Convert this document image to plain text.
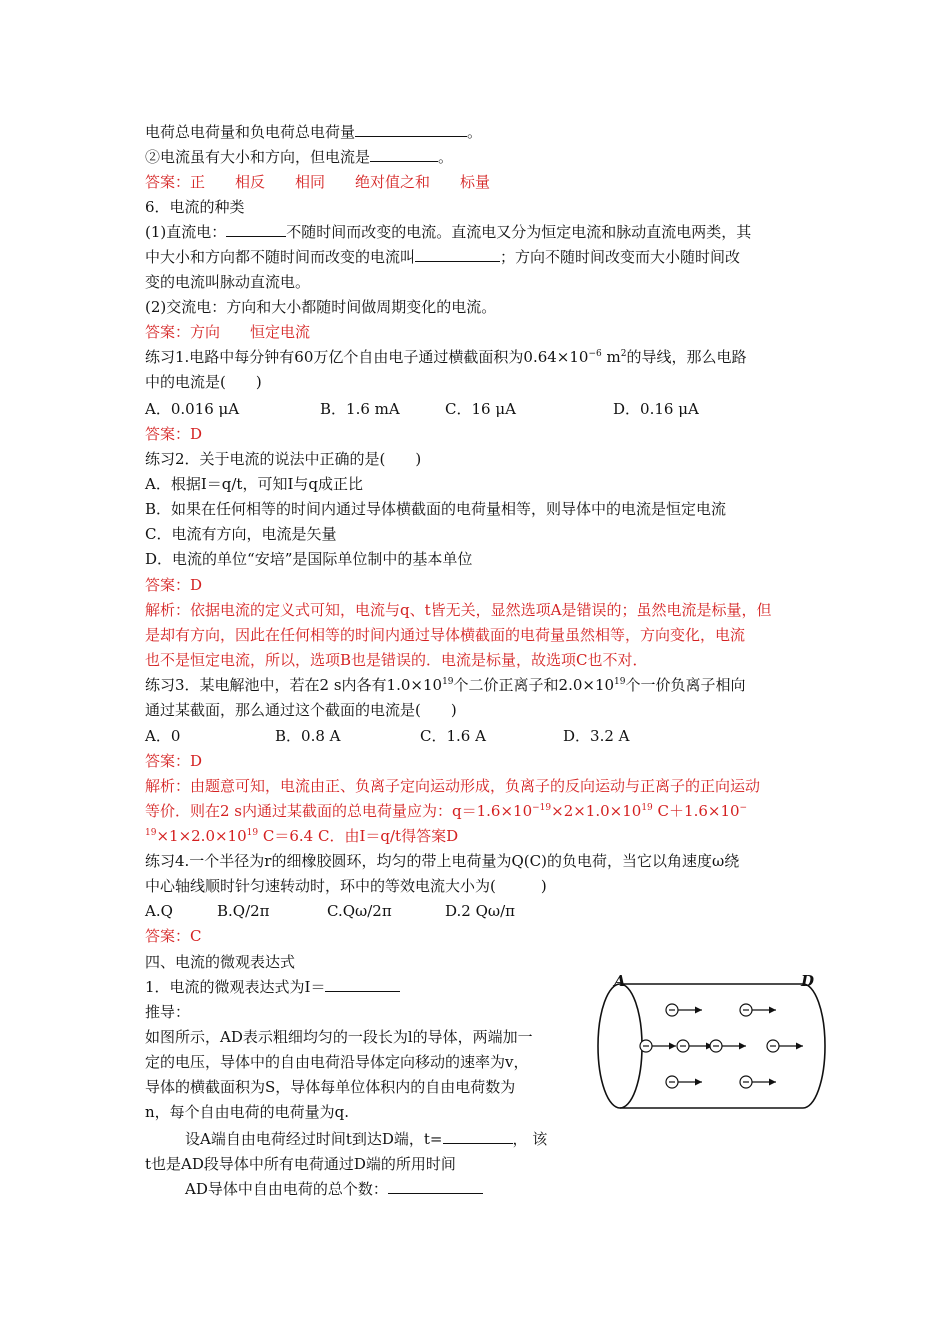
电荷总电荷量和负电荷总电荷量	。
②电流虽有大小和方向，但电流是	。
答案：正　　相反　　相同　　绝对值之和　　标量
6．电流的种类
(1)直流电：	不随时间而改变的电流。直流电又分为恒定电流和脉动直流电两类，其
中大小和方向都不随时间而改变的电流叫	；方向不随时间改变而大小随时间改
变的电流叫脉动直流电。
(2)交流电：方向和大小都随时间做周期变化的电流。
答案：方向　　恒定电流
练习1.电路中每分钟有60万亿个自由电子通过横截面积为$0.64\times 10^{-6}$ $m^2$的导线，那么电路
中的电流是(　　)
A．0.016 μA	B．1.6 mA	C．16 μA	D．0.16 μA
答案：D
练习2．关于电流的说法中正确的是(　　)
A．根据I＝q/t，可知I与q成正比
B．如果在任何相等的时间内通过导体横截面的电荷量相等，则导体中的电流是恒定电流
C．电流有方向，电流是矢量
D．电流的单位“安培”是国际单位制中的基本单位
答案：D
解析：依据电流的定义式可知，电流与q、t皆无关，显然选项A是错误的；虽然电流是标量，但
是却有方向，因此在任何相等的时间内通过导体横截面的电荷量虽然相等，方向变化，电流
也不是恒定电流，所以，选项B也是错误的．电流是标量，故选项C也不对．
练习3．某电解池中，若在2 s内各有$1.0\times 10^{19}$个二价正离子和$2.0\times 10^{19}$个一价负离子相向
通过某截面，那么通过这个截面的电流是(　　)
A．0	B．0.8 A	C．1.6 A	D．3.2 A
答案：D
解析：由题意可知，电流由正、负离子定向运动形成，负离子的反向运动与正离子的正向运动
等价．则在2 s内通过某截面的总电荷量应为：$q=1.6\times 10^{-19}\times 2\times 1.0\times 10^{19}$ C＋1.6×10−
$^{19}\times 1\times 2.0\times 10^{19}$ C＝6.4 C．由I＝q/t得答案D
练习4.一个半径为r的细橡胶圆环，均匀的带上电荷量为Q(C)的负电荷，当它以角速度ω绕
中心轴线顺时针匀速转动时，环中的等效电流大小为(　　　)
A.Q	B.Q/2π	C.Qω/2π	D.2 Qω/π
答案：C
四、电流的微观表达式
1．电流的微观表达式为I＝
推导：
如图所示，AD表示粗细均匀的一段长为l的导体，两端加一
定的电压，导体中的自由电荷沿导体定向移动的速率为v，
导体的横截面积为S，导体每单位体积内的自由电荷数为
n，每个自由电荷的电荷量为q.
设A端自由电荷经过时间t到达D端，t=	， 该
t也是AD段导体中所有电荷通过D端的所用时间
AD导体中自由电荷的总个数：
A	D
